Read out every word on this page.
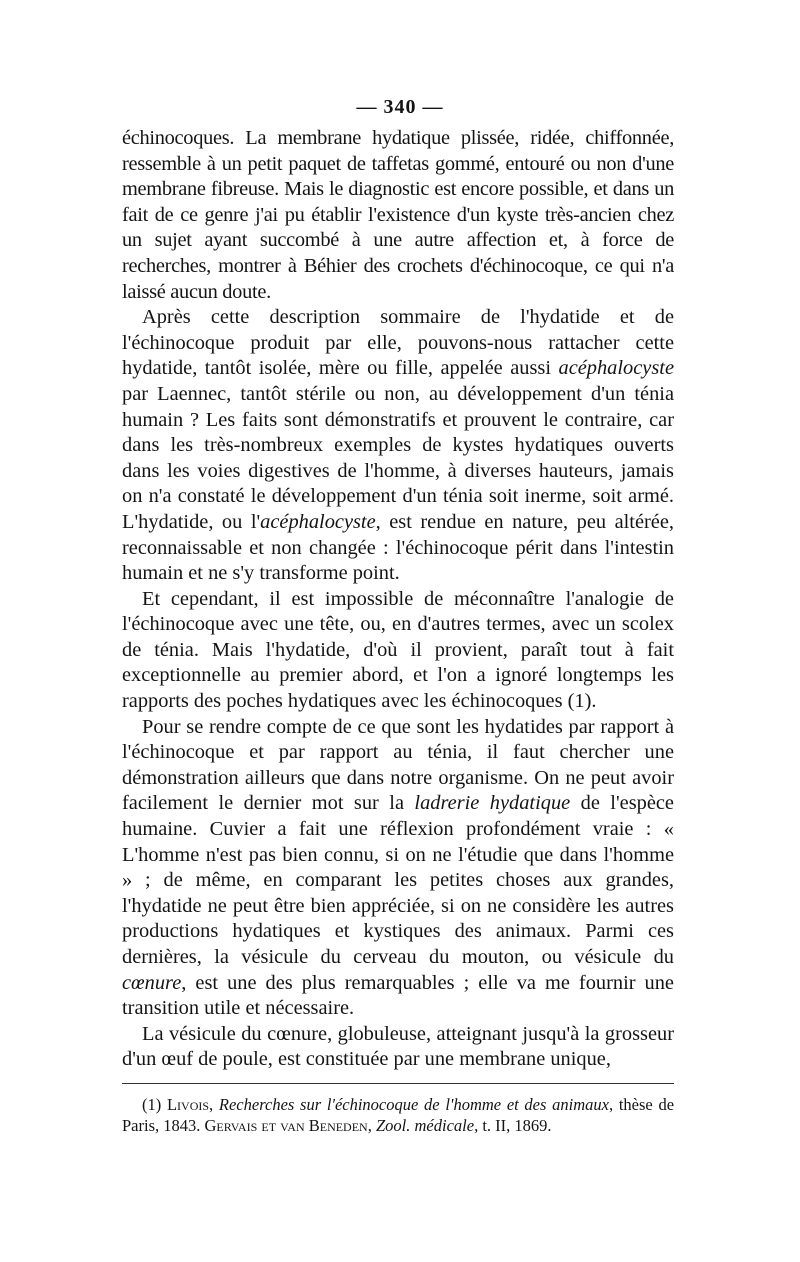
— 340 —

échinocoques. La membrane hydatique plissée, ridée, chiffonnée, ressemble à un petit paquet de taffetas gommé, entouré ou non d'une membrane fibreuse. Mais le diagnostic est encore possible, et dans un fait de ce genre j'ai pu établir l'existence d'un kyste très-ancien chez un sujet ayant succombé à une autre affection et, à force de recherches, montrer à Béhier des crochets d'échinocoque, ce qui n'a laissé aucun doute.

Après cette description sommaire de l'hydatide et de l'échinocoque produit par elle, pouvons-nous rattacher cette hydatide, tantôt isolée, mère ou fille, appelée aussi acéphalocyste par Laennec, tantôt stérile ou non, au développement d'un ténia humain ? Les faits sont démonstratifs et prouvent le contraire, car dans les très-nombreux exemples de kystes hydatiques ouverts dans les voies digestives de l'homme, à diverses hauteurs, jamais on n'a constaté le développement d'un ténia soit inerme, soit armé. L'hydatide, ou l'acéphalocyste, est rendue en nature, peu altérée, reconnaissable et non changée : l'échinocoque périt dans l'intestin humain et ne s'y transforme point.

Et cependant, il est impossible de méconnaître l'analogie de l'échinocoque avec une tête, ou, en d'autres termes, avec un scolex de ténia. Mais l'hydatide, d'où il provient, paraît tout à fait exceptionnelle au premier abord, et l'on a ignoré longtemps les rapports des poches hydatiques avec les échinocoques (1).

Pour se rendre compte de ce que sont les hydatides par rapport à l'échinocoque et par rapport au ténia, il faut chercher une démonstration ailleurs que dans notre organisme. On ne peut avoir facilement le dernier mot sur la ladrerie hydatique de l'espèce humaine. Cuvier a fait une réflexion profondément vraie : « L'homme n'est pas bien connu, si on ne l'étudie que dans l'homme » ; de même, en comparant les petites choses aux grandes, l'hydatide ne peut être bien appréciée, si on ne considère les autres productions hydatiques et kystiques des animaux. Parmi ces dernières, la vésicule du cerveau du mouton, ou vésicule du cœnure, est une des plus remarquables ; elle va me fournir une transition utile et nécessaire.

La vésicule du cœnure, globuleuse, atteignant jusqu'à la grosseur d'un œuf de poule, est constituée par une membrane unique,

(1) Livois, Recherches sur l'échinocoque de l'homme et des animaux, thèse de Paris, 1843. Gervais et van Beneden, Zool. médicale, t. II, 1869.
